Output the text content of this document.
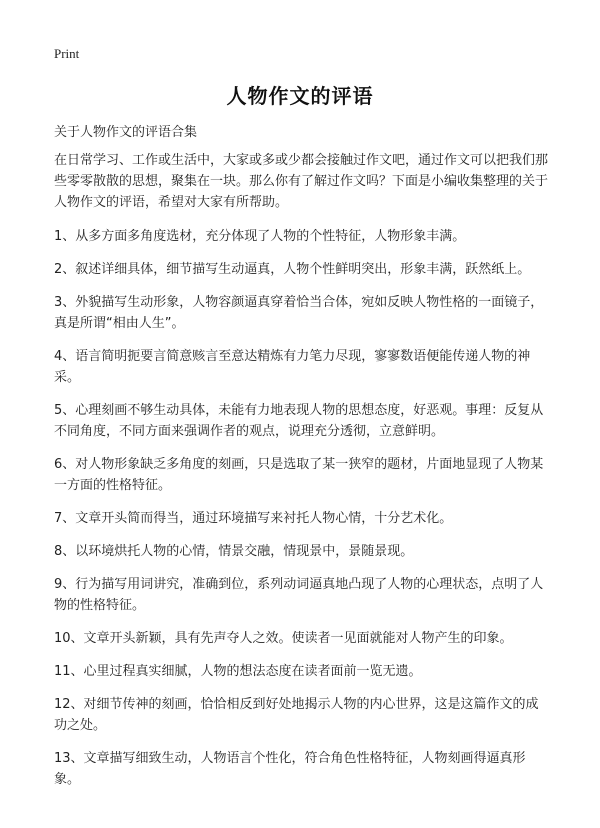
Print
人物作文的评语

关于人物作文的评语合集

在日常学习、工作或生活中，大家或多或少都会接触过作文吧，通过作文可以把我们那些零零散散的思想，聚集在一块。那么你有了解过作文吗？下面是小编收集整理的关于人物作文的评语，希望对大家有所帮助。

1、从多方面多角度选材，充分体现了人物的个性特征，人物形象丰满。

2、叙述详细具体，细节描写生动逼真，人物个性鲜明突出，形象丰满，跃然纸上。

3、外貌描写生动形象，人物容颜逼真穿着恰当合体，宛如反映人物性格的一面镜子，真是所谓“相由人生”。

4、语言简明扼要言简意赅言至意达精炼有力笔力尽现，寥寥数语便能传递人物的神采。

5、心理刻画不够生动具体，未能有力地表现人物的思想态度，好恶观。事理：反复从不同角度，不同方面来强调作者的观点，说理充分透彻，立意鲜明。

6、对人物形象缺乏多角度的刻画，只是选取了某一狭窄的题材，片面地显现了人物某一方面的性格特征。

7、文章开头简而得当，通过环境描写来衬托人物心情，十分艺术化。

8、以环境烘托人物的心情，情景交融，情现景中，景随景现。

9、行为描写用词讲究，准确到位，系列动词逼真地凸现了人物的心理状态，点明了人物的性格特征。

10、文章开头新颖，具有先声夺人之效。使读者一见面就能对人物产生的印象。

11、心里过程真实细腻，人物的想法态度在读者面前一览无遗。

12、对细节传神的刻画，恰恰相反到好处地揭示人物的内心世界，这是这篇作文的成功之处。

13、文章描写细致生动，人物语言个性化，符合角色性格特征，人物刻画得逼真形象。
